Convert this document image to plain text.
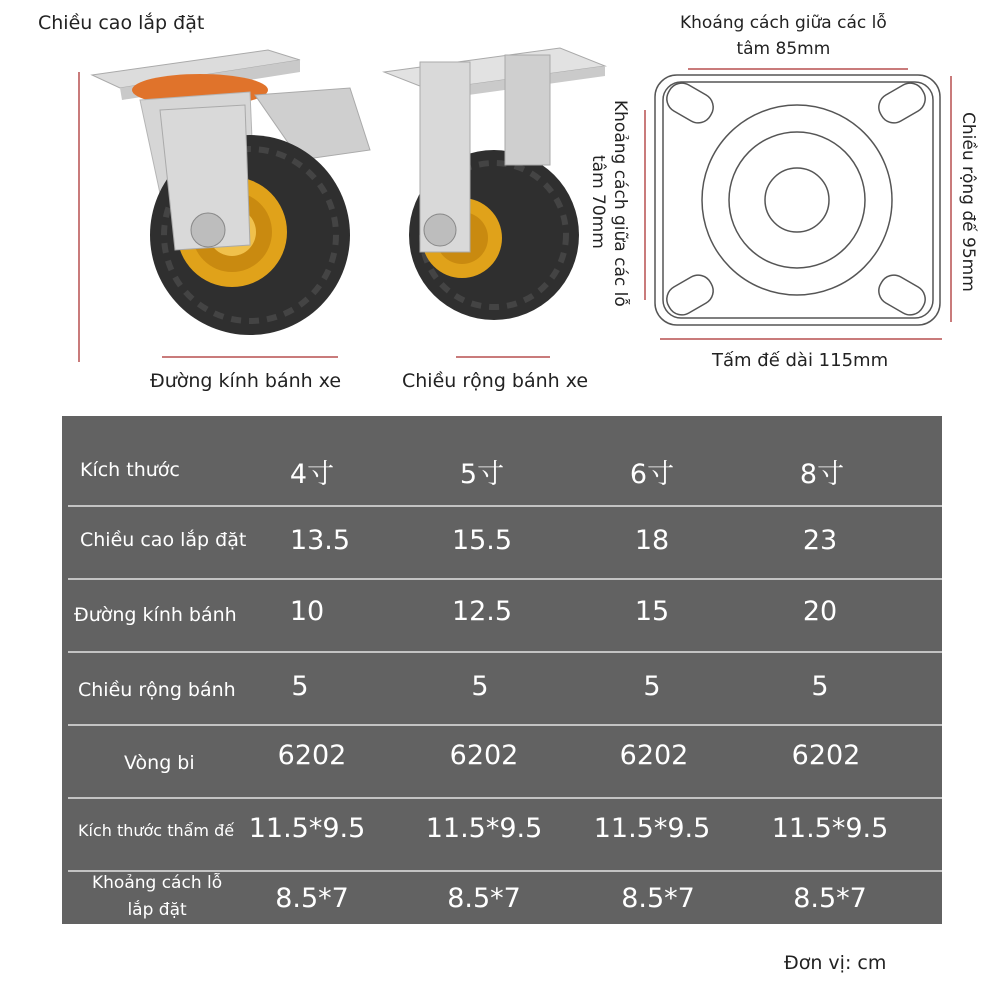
Chiều cao lắp đặt
Đường kính bánh xe	Chiều rộng bánh xe
Khoáng cách giữa các lỗ
tâm 85mm
Khoảng cách giữa các lỗ
tâm 70mm	Chiều rộng đế 95mm
Tấm đế dài 115mm
Kích thước	4寸	5寸	6寸	8寸
Chiều cao lắp đặt 13.5	15.5	18	23
Đường kính bánh 10	12.5	15	20
Chiều rộng bánh 5	5	5	5
Vòng bi	6202	6202	6202	6202
Kích thước thẩm đế 11.5*9.5 11.5*9.5 11.5*9.5 11.5*9.5
Khoảng cách lỗ
lắp đặt	8.5*7	8.5*7	8.5*7	8.5*7
Đơn vị: cm
